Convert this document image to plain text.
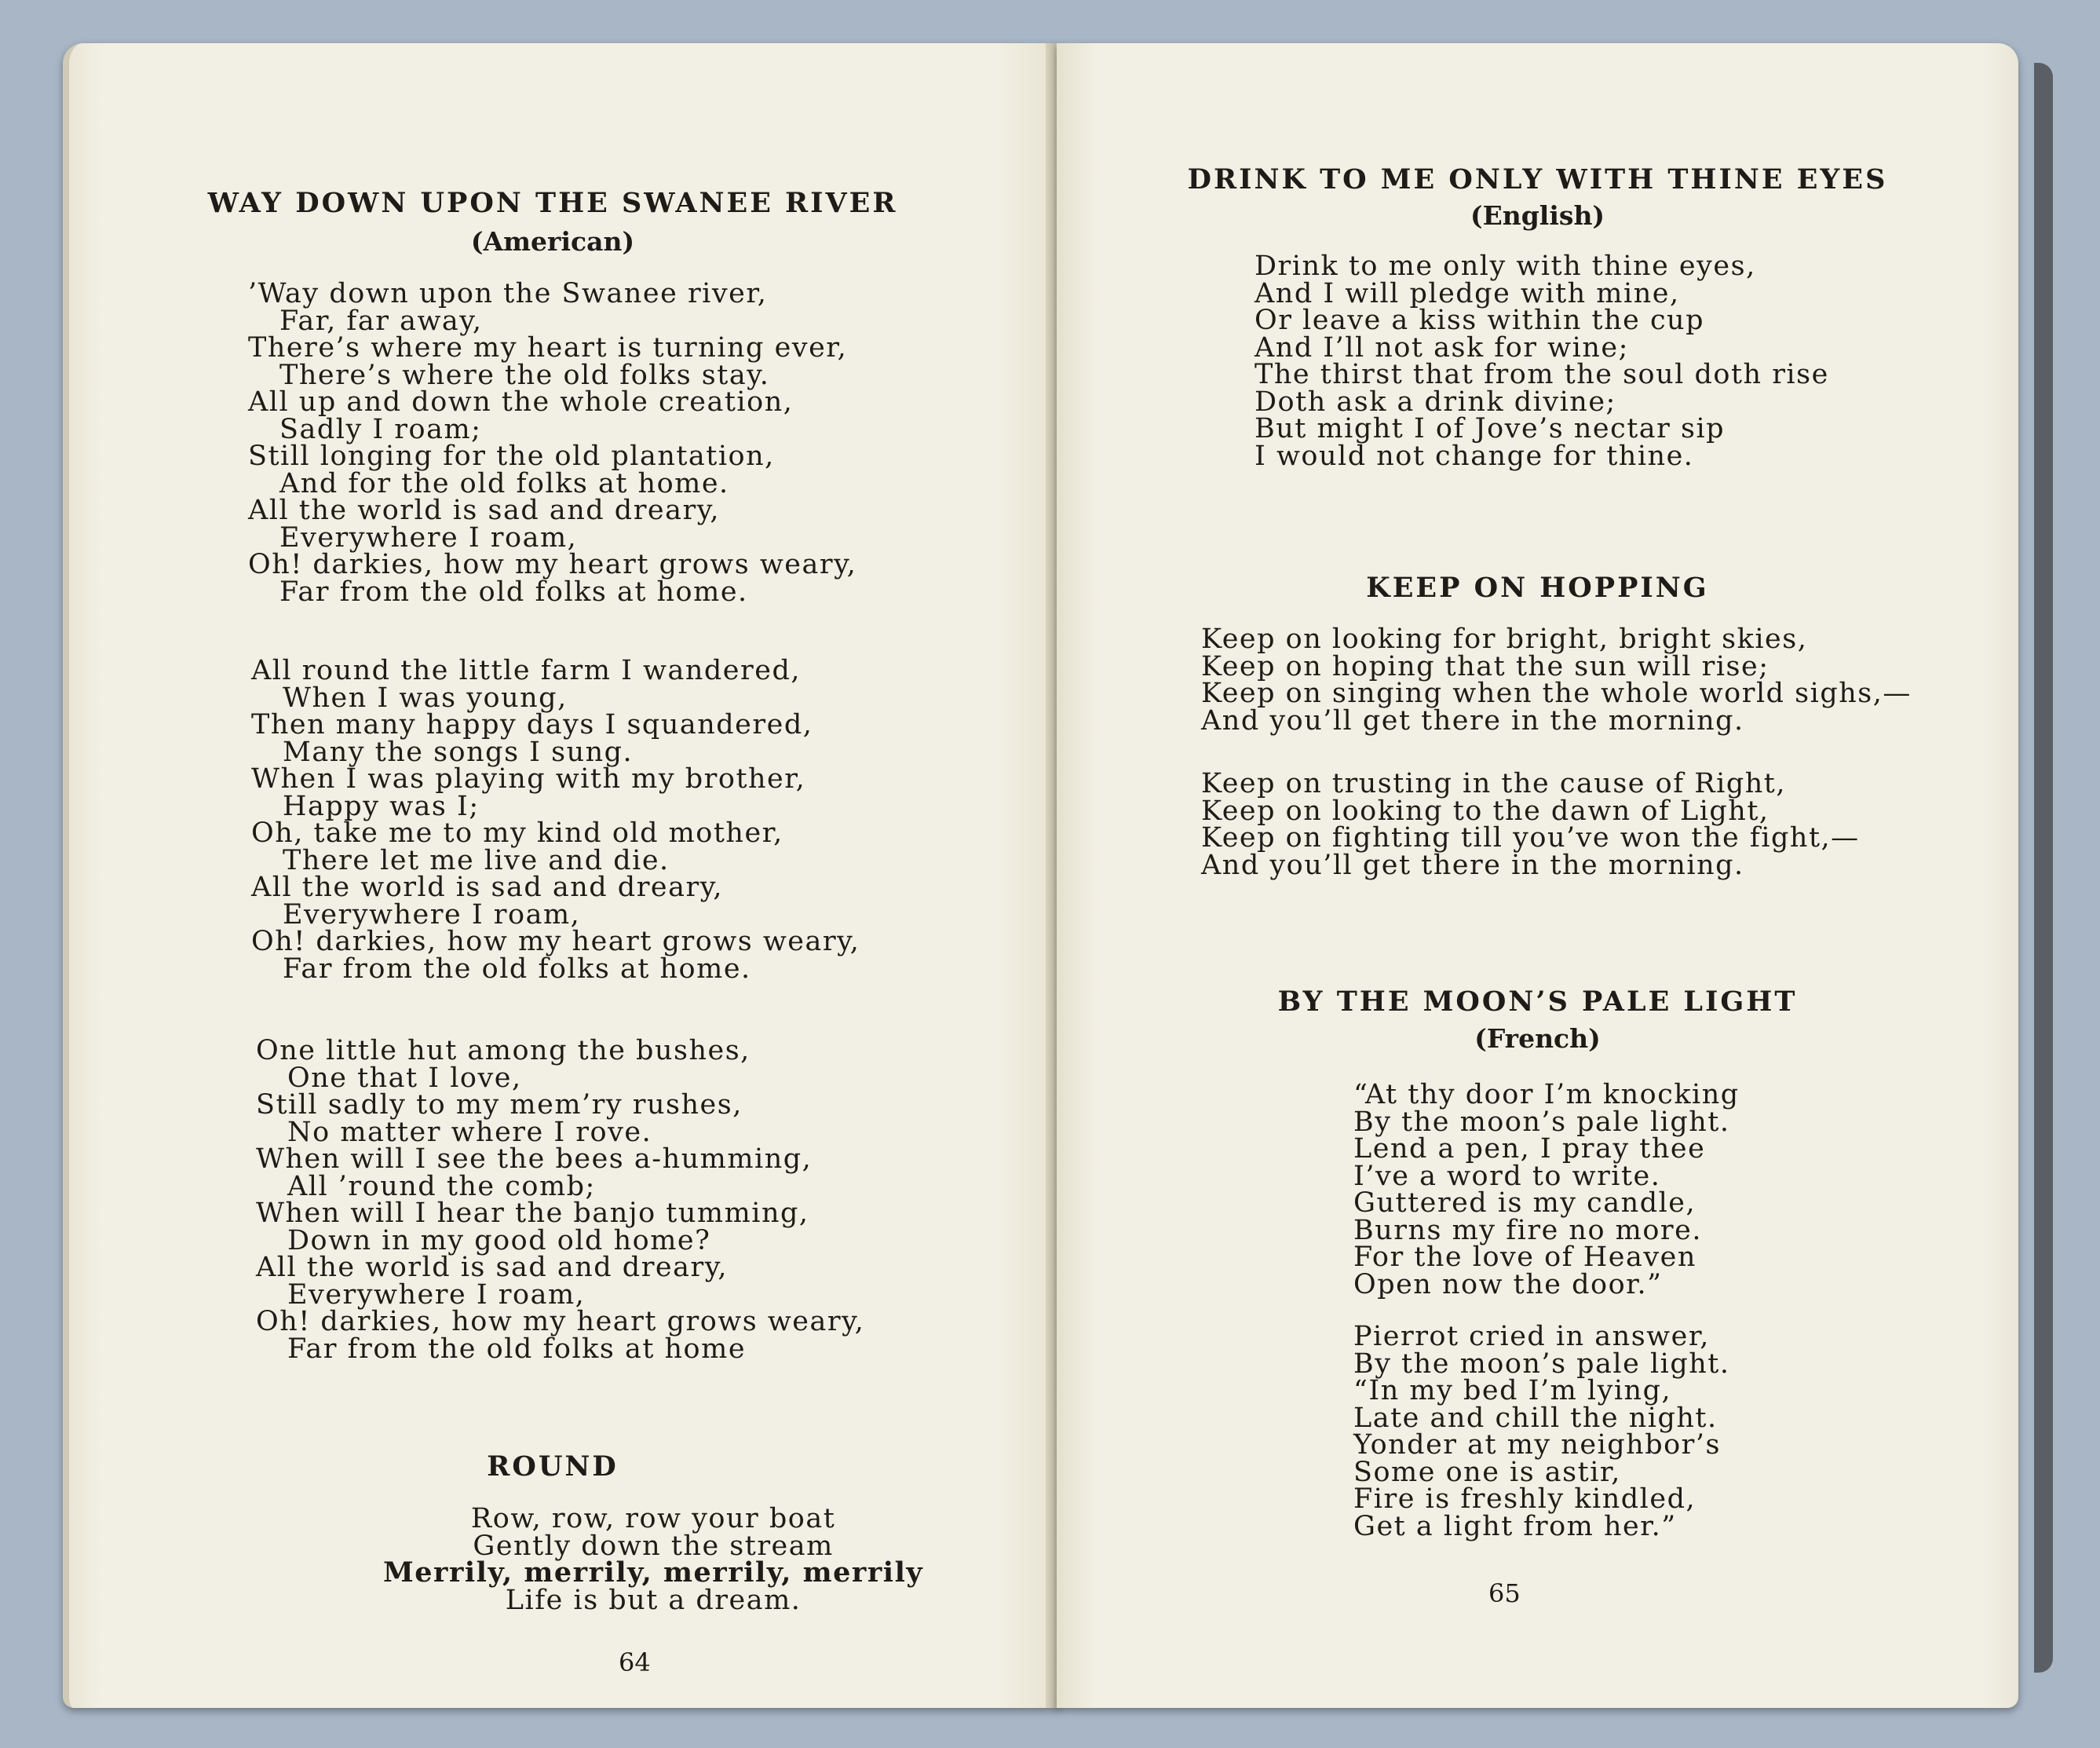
WAY DOWN UPON THE SWANEE RIVER
(American)
’Way down upon the Swanee river,
Far, far away,
There’s where my heart is turning ever,
There’s where the old folks stay.
All up and down the whole creation,
Sadly I roam;
Still longing for the old plantation,
And for the old folks at home.
All the world is sad and dreary,
Everywhere I roam,
Oh! darkies, how my heart grows weary,
Far from the old folks at home.
All round the little farm I wandered,
When I was young,
Then many happy days I squandered,
Many the songs I sung.
When I was playing with my brother,
Happy was I;
Oh, take me to my kind old mother,
There let me live and die.
All the world is sad and dreary,
Everywhere I roam,
Oh! darkies, how my heart grows weary,
Far from the old folks at home.
One little hut among the bushes,
One that I love,
Still sadly to my mem’ry rushes,
No matter where I rove.
When will I see the bees a-humming,
All ’round the comb;
When will I hear the banjo tumming,
Down in my good old home?
All the world is sad and dreary,
Everywhere I roam,
Oh! darkies, how my heart grows weary,
Far from the old folks at home
ROUND
Row, row, row your boat
Gently down the stream
Merrily, merrily, merrily, merrily
Life is but a dream.
64
DRINK TO ME ONLY WITH THINE EYES
(English)
Drink to me only with thine eyes,
And I will pledge with mine,
Or leave a kiss within the cup
And I’ll not ask for wine;
The thirst that from the soul doth rise
Doth ask a drink divine;
But might I of Jove’s nectar sip
I would not change for thine.
KEEP ON HOPPING
Keep on looking for bright, bright skies,
Keep on hoping that the sun will rise;
Keep on singing when the whole world sighs,—
And you’ll get there in the morning.
Keep on trusting in the cause of Right,
Keep on looking to the dawn of Light,
Keep on fighting till you’ve won the fight,—
And you’ll get there in the morning.
BY THE MOON’S PALE LIGHT
(French)
“At thy door I’m knocking
By the moon’s pale light.
Lend a pen, I pray thee
I’ve a word to write.
Guttered is my candle,
Burns my fire no more.
For the love of Heaven
Open now the door.”
Pierrot cried in answer,
By the moon’s pale light.
“In my bed I’m lying,
Late and chill the night.
Yonder at my neighbor’s
Some one is astir,
Fire is freshly kindled,
Get a light from her.”
65
